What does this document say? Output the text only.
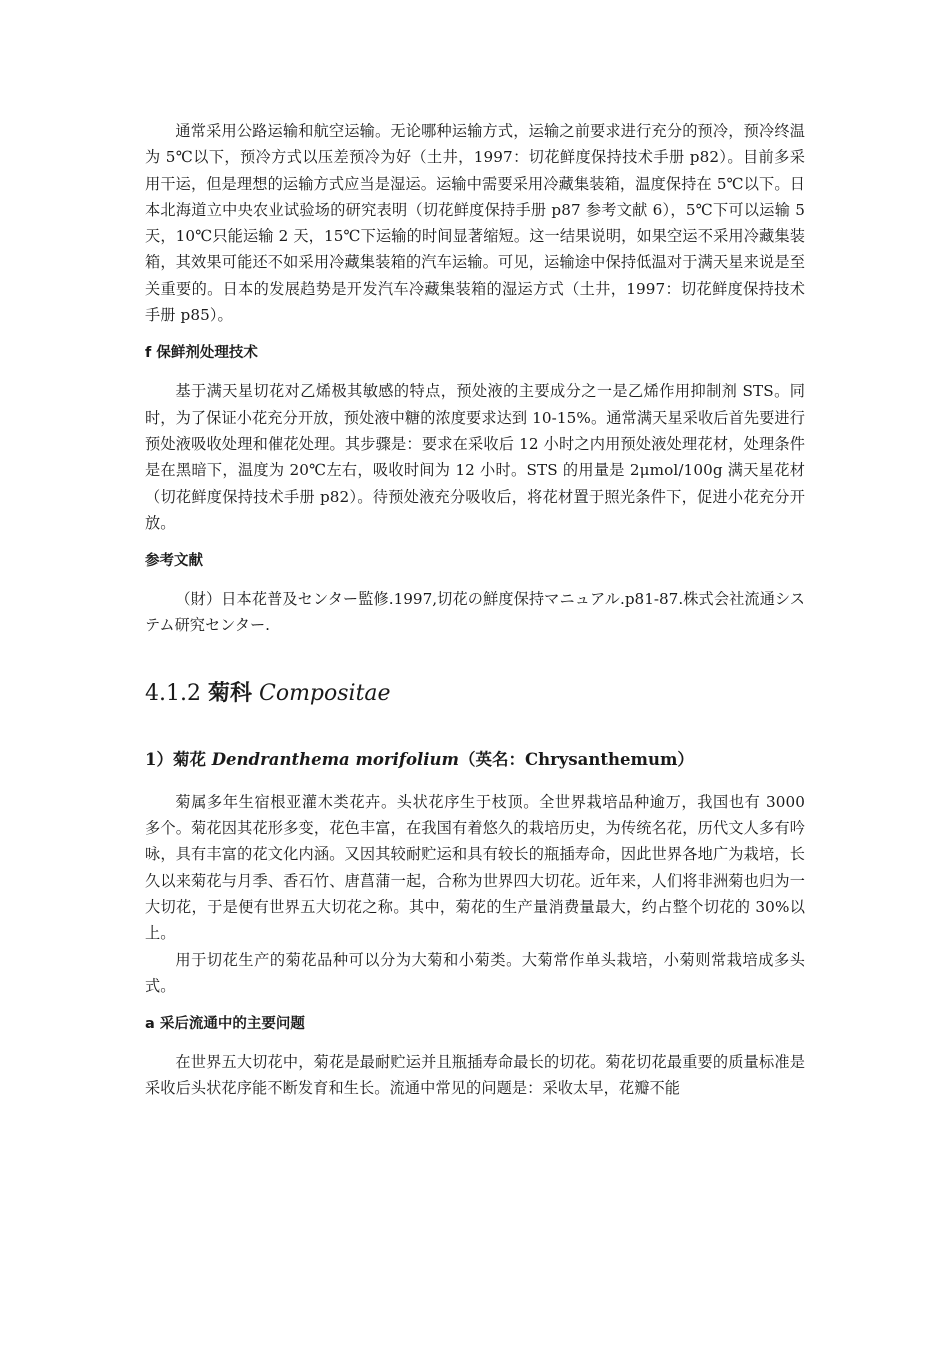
通常采用公路运输和航空运输。无论哪种运输方式，运输之前要求进行充分的预冷，预冷终温为 5℃以下，预冷方式以压差预冷为好（土井，1997：切花鲜度保持技术手册 p82）。目前多采用干运，但是理想的运输方式应当是湿运。运输中需要采用冷藏集装箱，温度保持在 5℃以下。日本北海道立中央农业试验场的研究表明（切花鲜度保持手册 p87 参考文献 6），5℃下可以运输 5 天，10℃只能运输 2 天，15℃下运输的时间显著缩短。这一结果说明，如果空运不采用冷藏集装箱，其效果可能还不如采用冷藏集装箱的汽车运输。可见，运输途中保持低温对于满天星来说是至关重要的。日本的发展趋势是开发汽车冷藏集装箱的湿运方式（土井，1997：切花鲜度保持技术手册 p85）。

f 保鲜剂处理技术

基于满天星切花对乙烯极其敏感的特点，预处液的主要成分之一是乙烯作用抑制剂 STS。同时，为了保证小花充分开放，预处液中糖的浓度要求达到 10-15%。通常满天星采收后首先要进行预处液吸收处理和催花处理。其步骤是：要求在采收后 12 小时之内用预处液处理花材，处理条件是在黑暗下，温度为 20℃左右，吸收时间为 12 小时。STS 的用量是 2μmol/100g 满天星花材（切花鲜度保持技术手册 p82）。待预处液充分吸收后，将花材置于照光条件下，促进小花充分开放。

参考文献

（財）日本花普及センター監修.1997,切花の鮮度保持マニュアル.p81-87.株式会社流通システム研究センター.

4.1.2 菊科 Compositae
1）菊花 Dendranthema morifolium（英名：Chrysanthemum）

菊属多年生宿根亚灌木类花卉。头状花序生于枝顶。全世界栽培品种逾万，我国也有 3000 多个。菊花因其花形多变，花色丰富，在我国有着悠久的栽培历史，为传统名花，历代文人多有吟咏，具有丰富的花文化内涵。又因其较耐贮运和具有较长的瓶插寿命，因此世界各地广为栽培，长久以来菊花与月季、香石竹、唐菖蒲一起，合称为世界四大切花。近年来，人们将非洲菊也归为一大切花，于是便有世界五大切花之称。其中，菊花的生产量消费量最大，约占整个切花的 30%以上。

用于切花生产的菊花品种可以分为大菊和小菊类。大菊常作单头栽培，小菊则常栽培成多头式。

a 采后流通中的主要问题

在世界五大切花中，菊花是最耐贮运并且瓶插寿命最长的切花。菊花切花最重要的质量标准是采收后头状花序能不断发育和生长。流通中常见的问题是：采收太早，花瓣不能
